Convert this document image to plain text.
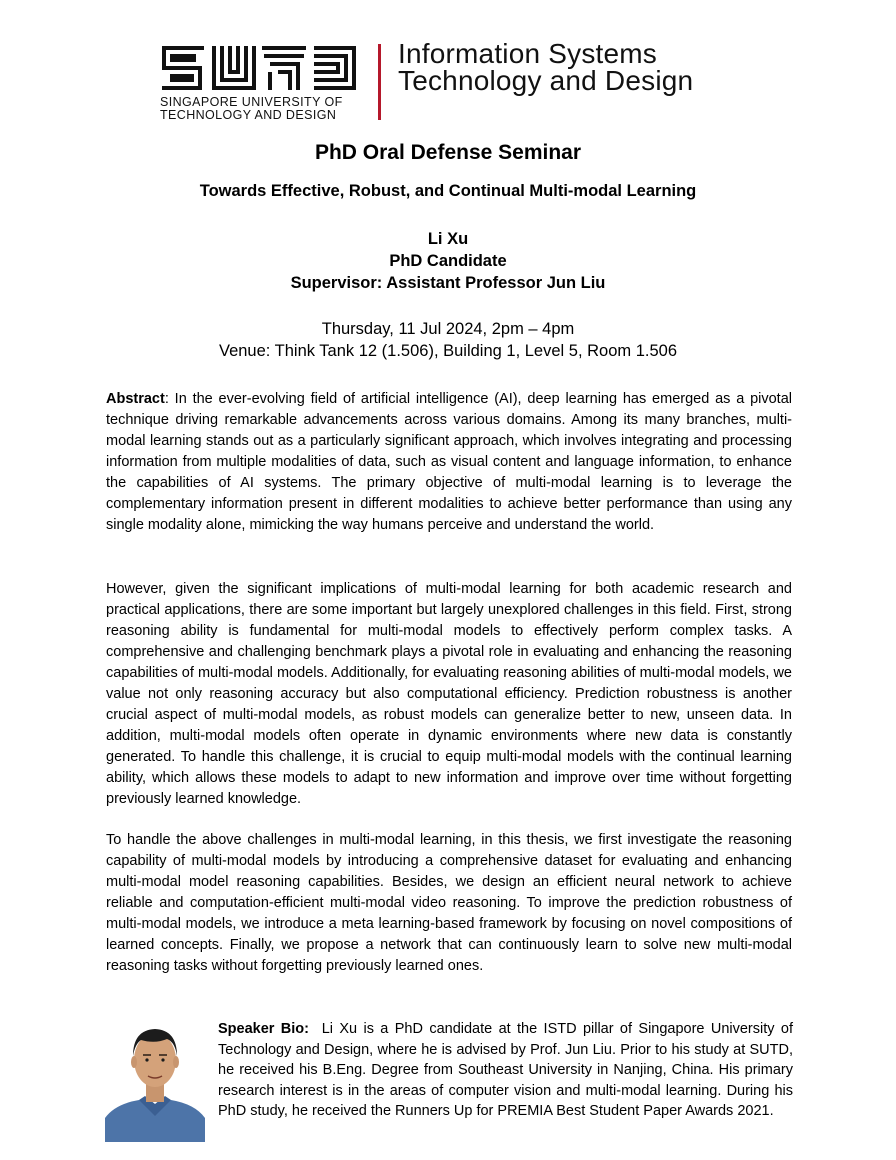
SINGAPORE UNIVERSITY OF
TECHNOLOGY AND DESIGN
Information Systems
Technology and Design
PhD Oral Defense Seminar
Towards Effective, Robust, and Continual Multi-modal Learning
Li Xu
PhD Candidate
Supervisor: Assistant Professor Jun Liu
Thursday, 11 Jul 2024, 2pm – 4pm
Venue: Think Tank 12 (1.506), Building 1, Level 5, Room 1.506
Abstract: In the ever-evolving field of artificial intelligence (AI), deep learning has emerged as a pivotal technique driving remarkable advancements across various domains. Among its many branches, multi-modal learning stands out as a particularly significant approach, which involves integrating and processing information from multiple modalities of data, such as visual content and language information, to enhance the capabilities of AI systems. The primary objective of multi-modal learning is to leverage the complementary information present in different modalities to achieve better performance than using any single modality alone, mimicking the way humans perceive and understand the world.
However, given the significant implications of multi-modal learning for both academic research and practical applications, there are some important but largely unexplored challenges in this field. First, strong reasoning ability is fundamental for multi-modal models to effectively perform complex tasks. A comprehensive and challenging benchmark plays a pivotal role in evaluating and enhancing the reasoning capabilities of multi-modal models. Additionally, for evaluating reasoning abilities of multi-modal models, we value not only reasoning accuracy but also computational efficiency. Prediction robustness is another crucial aspect of multi-modal models, as robust models can generalize better to new, unseen data. In addition, multi-modal models often operate in dynamic environments where new data is constantly generated. To handle this challenge, it is crucial to equip multi-modal models with the continual learning ability, which allows these models to adapt to new information and improve over time without forgetting previously learned knowledge.
To handle the above challenges in multi-modal learning, in this thesis, we first investigate the reasoning capability of multi-modal models by introducing a comprehensive dataset for evaluating and enhancing multi-modal model reasoning capabilities. Besides, we design an efficient neural network to achieve reliable and computation-efficient multi-modal video reasoning. To improve the prediction robustness of multi-modal models, we introduce a meta learning-based framework by focusing on novel compositions of learned concepts. Finally, we propose a network that can continuously learn to solve new multi-modal reasoning tasks without forgetting previously learned ones.
Speaker Bio: Li Xu is a PhD candidate at the ISTD pillar of Singapore University of Technology and Design, where he is advised by Prof. Jun Liu. Prior to his study at SUTD, he received his B.Eng. Degree from Southeast University in Nanjing, China. His primary research interest is in the areas of computer vision and multi-modal learning. During his PhD study, he received the Runners Up for PREMIA Best Student Paper Awards 2021.
